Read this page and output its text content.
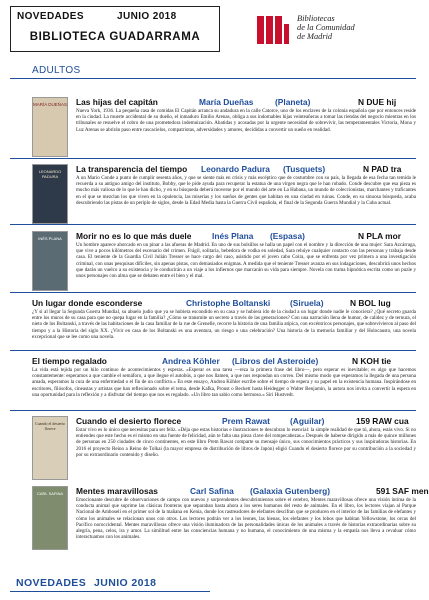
NOVEDADES	JUNIO 2018
BIBLIOTECA GUADARRAMA
Bibliotecas
de la Comunidad
de Madrid
ADULTOS
MARÍA DUEÑAS Las hijas del capitán	María Dueñas	(Planeta)	N DUE hij
Nueva York, 1936. La pequeña casa de comidas El Capitán arranca su andadura en la calle Catorce, uno de los enclaves de la colonia española que por entonces reside en la ciudad. La muerte accidental de su dueño, el inmaduro Emilio Arenas, obliga a sus indomables hijas veinteañeras a tomar las riendas del negocio mientras en los tribunales se resuelve el cobro de una prometedora indemnización. Abatidas y acosadas por la urgente necesidad de sobrevivir, las temperamentales Victoria, Mona y Luz Arenas se abrirán paso entre rascacielos, compatriotas, adversidades y amores, decididas a convertir un sueño en realidad.
LEONARDO PADURA
La transparencia del tiempo Leonardo Padura (Tusquets)	N PAD tra
A un Mario Conde a punto de cumplir sesenta años, y que se siente más en crisis y más escéptico que de costumbre con su país, la llegada de esa fecha tan temida le recuerda a su antiguo amigo del instituto, Bobby, que le pide ayuda para recuperar la estatua de una virgen negra que le han robado. Conde descubre que esa pieza es mucho más valiosa de lo que le han dicho, y en su búsqueda deberá moverse por el mundo del arte en La Habana, un mundo de coleccionistas, marchantes y traficantes en el que se mezclan los que viven en la opulencia, las miserias y los sueños de gentes que habitan en una ciudad en ruinas. Conde, en su sinuosa búsqueda, acaba descubriendo las pistas de un periplo de siglos, desde la Edad Media hasta la Guerra Civil española, el final de la Segunda Guerra Mundial y la Cuba actual.
INÉS PLANA	Morir no es lo que más duele Inés Plana (Espasa)	N PLA mor
Un hombre aparece ahorcado en un pinar a las afueras de Madrid. En uno de sus bolsillos se halla un papel con el nombre y la dirección de una mujer: Sara Azcárraga, que vive a pocos kilómetros del escenario del crimen. Frágil, solitaria, bebedora de vodka en soledad, Sara rehúye cualquier contacto con las personas y trabaja desde casa. El teniente de la Guardia Civil Julián Tresser se hace cargo del caso, asistido por el joven cabo Coira, que se enfrenta por vez primera a una investigación criminal, con unas pesquisas difíciles, sin apenas pistas, con demasiados enigmas. A medida que el teniente Tresser avanza en sus indagaciones, descubrirá unos hechos que darán un vuelco a su existencia y le conducirán a un viaje a los infiernos que marcarán su vida para siempre. Novela con trama hipnótica escrita como un puzle y unos personajes con alma que se debaten entre el bien y el mal.
Un lugar donde esconderse	Christophe Boltanski (Siruela)	N BOL lug
¿Y si al llegar la Segunda Guerra Mundial, su abuelo judío que ya se hubiera escondido en su casa y se hubiera ido de la ciudad a un lugar donde nadie le conociera? ¿Qué secreto guarda entre los muros de su casa para que no quepa lugar en la familia? ¿Cómo se transmite un secreto a través de las generaciones? Con una narración llena de humor, de calidez y de ternura, el nieto de los Boltanski, a través de las habitaciones de la casa familiar de la rue de Grenelle, recorre la historia de una familia atípica, con excéntricos personajes, que sobrevivieron al paso del tiempo y a la Historia del siglo XX. ¿Vivir en casa de los Boltanski es una aventura, un riesgo o una celebración? Una historia de la memoria familiar y del Holocausto, una novela excepcional que se lee como una novela.
El tiempo regalado	Andrea Köhler (Libros del Asteroide)	N KOH tie
La vida está tejida por un hilo continuo de acontecimientos y esperas. «Esperar es una tarea —reza la primera frase del libro—, pero esperar es inevitable; es algo que hacemos constantemente: esperamos a que cambie el semáforo, a que llegue el autobús, a que nos llamen, a que nos respondan un correo. Del mismo modo que esperamos la llegada de una persona amada, esperamos la cura de una enfermedad o el fin de un conflicto.» En este ensayo, Andrea Köhler escribe sobre el tiempo de espera y su papel en la existencia humana. Inspirándose en escritores, filósofos, cineastas y artistas que han reflexionado sobre el tema, desde Kafka, Proust o Beckett hasta Heidegger o Walter Benjamin, la autora nos invita a convertir la espera en una oportunidad para la reflexión y a disfrutar del tiempo que nos es regalado. «Un libro tan sabio como hermoso.» Siri Hustvedt.
Cuando el desierto florece
Cuando el desierto florece	Prem Rawat (Aguilar)	159 RAW cua
Estar vivo es lo único que necesitas para ser feliz. «Déja que estas historias e ilustraciones te descubran lo esencial: la simple realidad de que tú, ahora, estás vivo. Si no entiendes que este hecho es el mismo en una fuente de felicidad, aún te falta una pieza clave del rompecabezas.» Después de haberse dirigido a más de quince millones de personas en 250 ciudades de cinco continentes, en este libro Prem Rawat comparte su mensaje único, sus conocimientos prácticos y sus inspiradoras historias. En 2016 el proyecto Reino a Reino de Tolkai (la mayor empresa de distribución de libros de Japón) eligió Cuando el desierto florece por su contribución a la sociedad y por su extraordinario contenido y diseño.
CARL SAFINA	Mentes maravillosas	Carl Safina (Galaxia Gutenberg)	591 SAF men
Emocionante descubre de observaciones de campo con nuevos y sorprendentes descubrimientos sobre el cerebro, Mentes maravillosas ofrece una visión íntima de la conducta animal que suprime las clásicas fronteras que separaban hasta ahora a los seres humanos del resto de animales. En el libro, los lectores viajan al Parque Nacional de Amboseli en el primer sol de la mañana en Kenia, donde los rastreadores de elefantes descifran que se producen en el interior de las familias de elefantes y cómo los animales se relacionan unos con otros. Los lectores podrán ver a los leones, las hienas, los elefantes y los lobos que habitan Yellowstone, los orcas del Pacífico noroccidental. Mentes maravillosas ofrece una visión iluminadora de las personalidades únicas de los animales a través de historias extraordinarias sobre su alegría, pena, celos, ira y amor. La similitud entre las consciencias humana y no humana, el conocimiento de una misma y la empatía nos lleva a revaluar cómo interactuamos con los animales.
NOVEDADES JUNIO 2018
